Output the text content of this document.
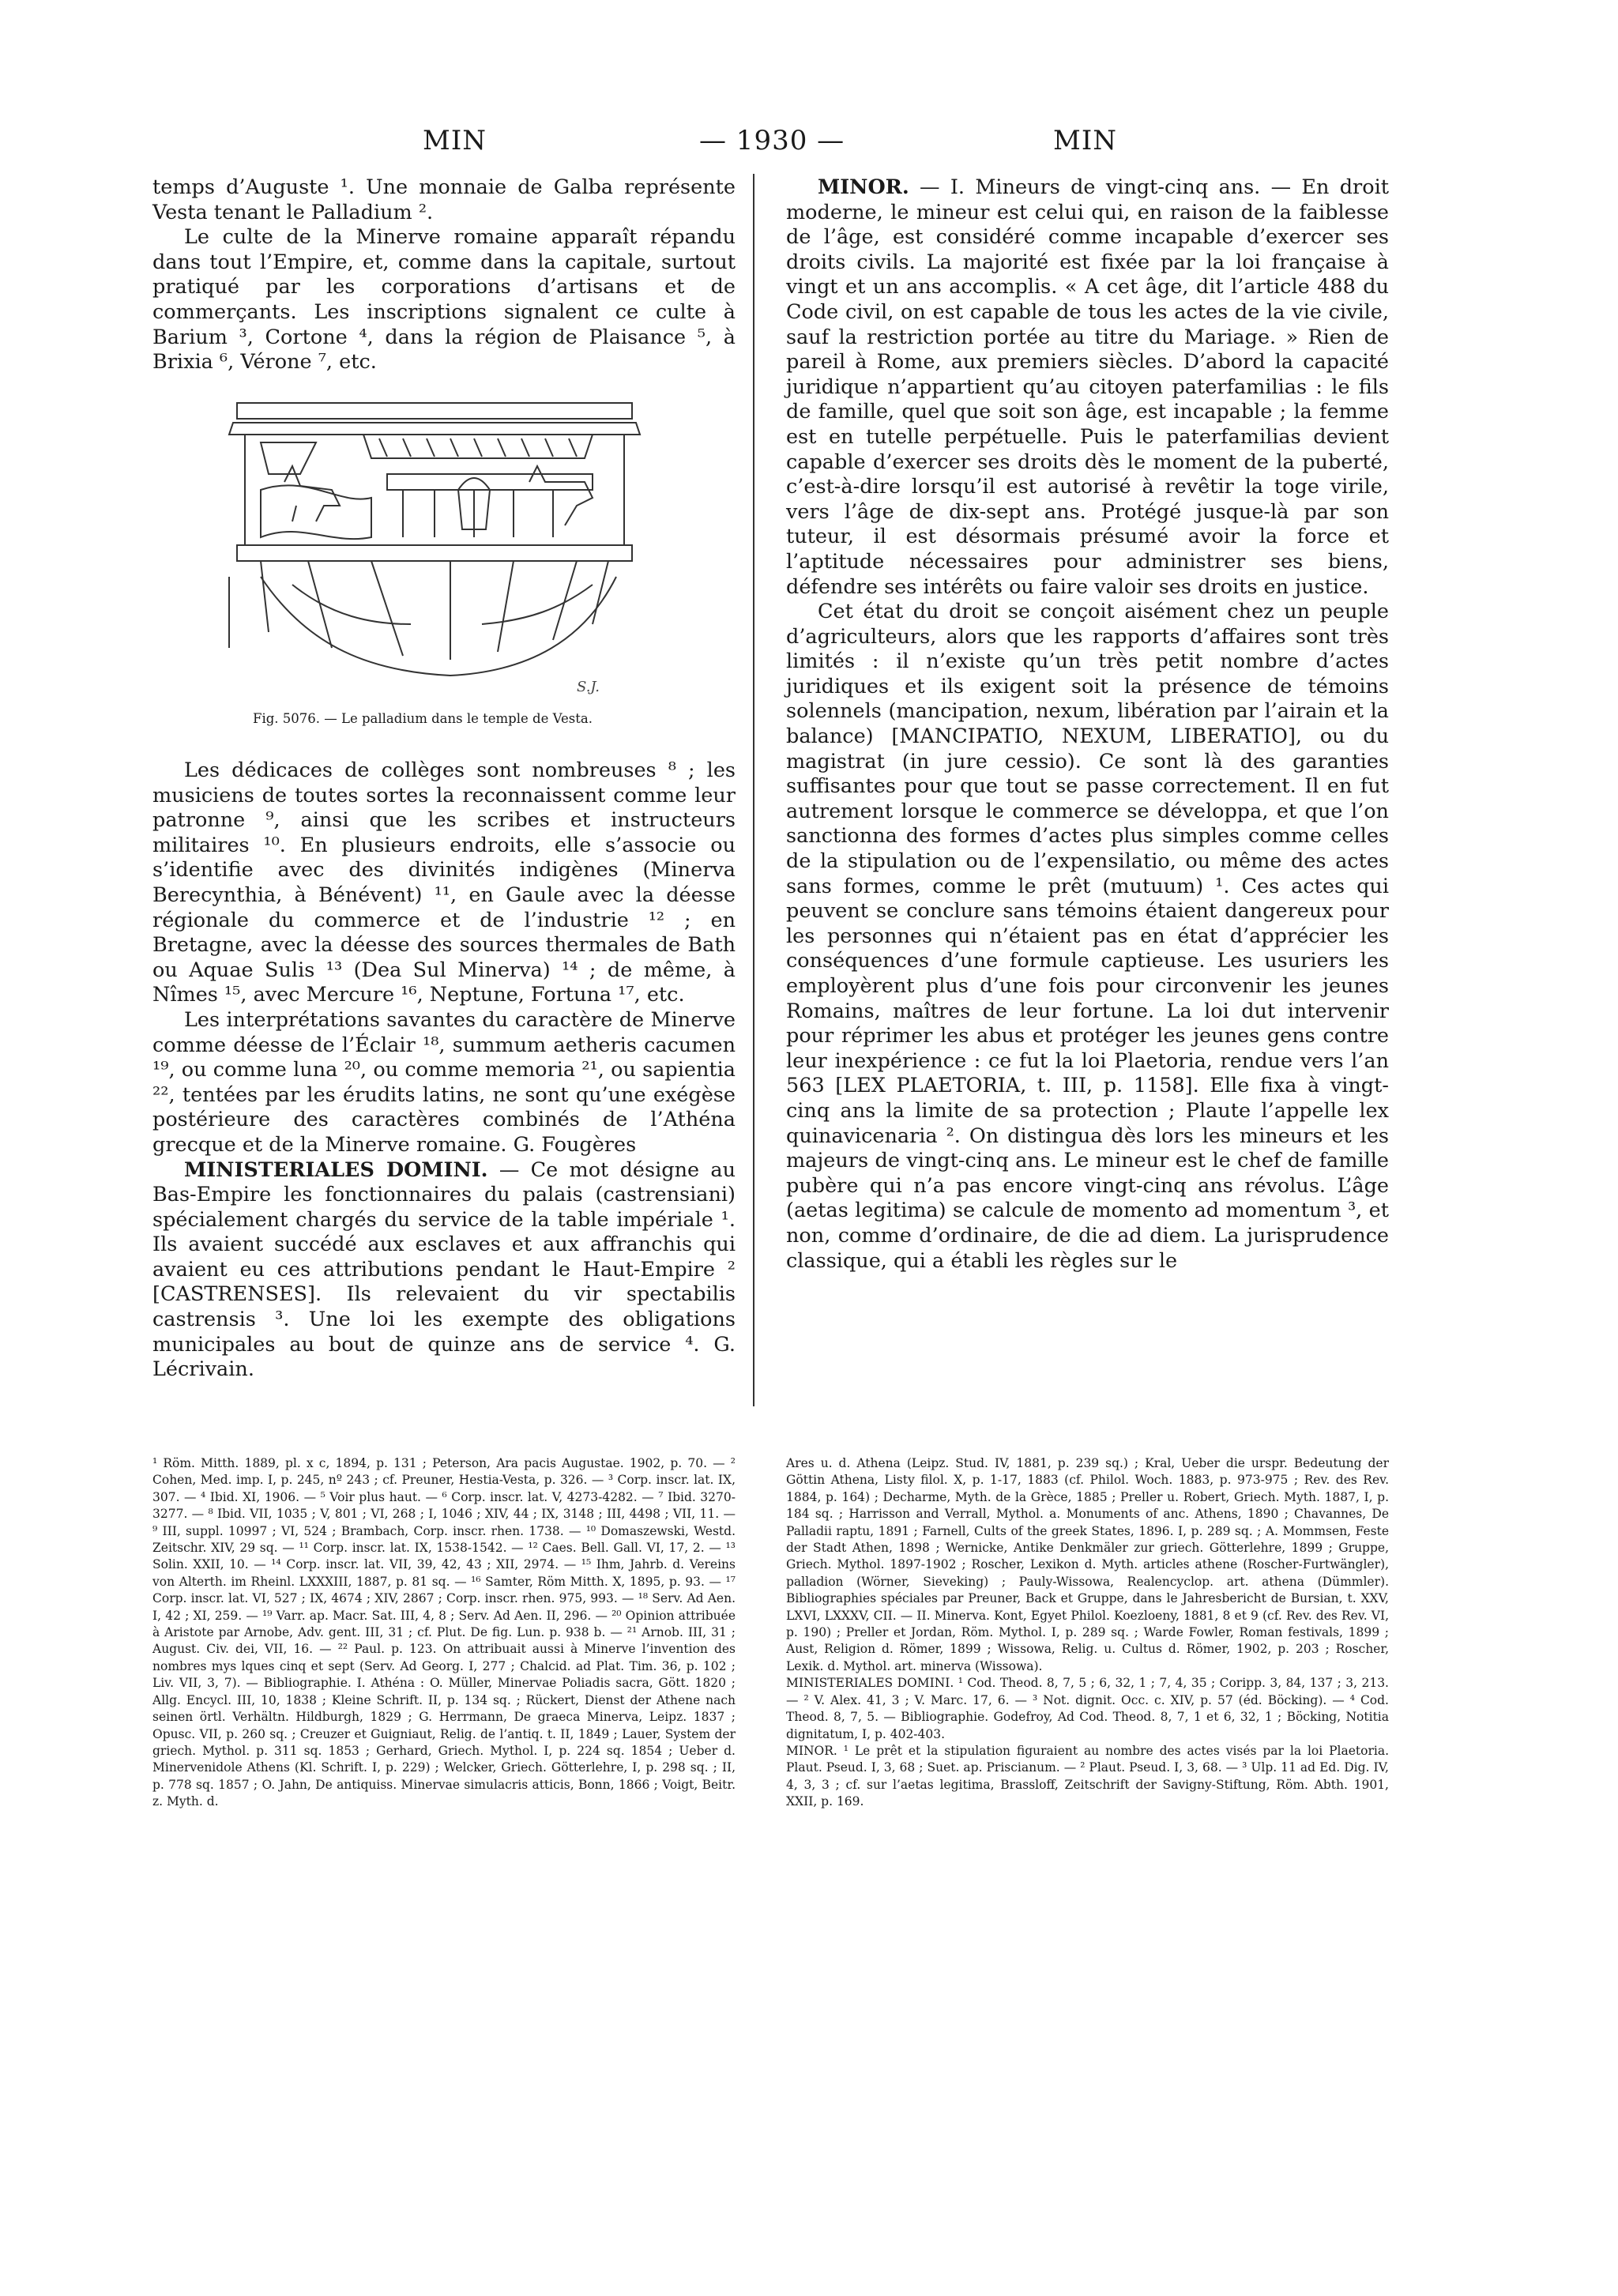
MIN	— 1930 —	MIN

temps d’Auguste ¹. Une monnaie de Galba représente Vesta tenant le Palladium ².

Le culte de la Minerve romaine apparaît répandu dans tout l’Empire, et, comme dans la capitale, surtout pratiqué par les corporations d’artisans et de commerçants. Les inscriptions signalent ce culte à Barium ³, Cortone ⁴, dans la région de Plaisance ⁵, à Brixia ⁶, Vérone ⁷, etc.

S.J.
Fig. 5076. — Le palladium dans le temple de Vesta.

Les dédicaces de collèges sont nombreuses ⁸ ; les musiciens de toutes sortes la reconnaissent comme leur patronne ⁹, ainsi que les scribes et instructeurs militaires ¹⁰. En plusieurs endroits, elle s’associe ou s’identifie avec des divinités indigènes (Minerva Berecynthia, à Bénévent) ¹¹, en Gaule avec la déesse régionale du commerce et de l’industrie ¹² ; en Bretagne, avec la déesse des sources thermales de Bath ou Aquae Sulis ¹³ (Dea Sul Minerva) ¹⁴ ; de même, à Nîmes ¹⁵, avec Mercure ¹⁶, Neptune, Fortuna ¹⁷, etc.

Les interprétations savantes du caractère de Minerve comme déesse de l’Éclair ¹⁸, summum aetheris cacumen ¹⁹, ou comme luna ²⁰, ou comme memoria ²¹, ou sapientia ²², tentées par les érudits latins, ne sont qu’une exégèse postérieure des caractères combinés de l’Athéna grecque et de la Minerve romaine. G. Fougères

MINISTERIALES DOMINI. — Ce mot désigne au Bas-Empire les fonctionnaires du palais (castrensiani) spécialement chargés du service de la table impériale ¹. Ils avaient succédé aux esclaves et aux affranchis qui avaient eu ces attributions pendant le Haut-Empire ² [CASTRENSES]. Ils relevaient du vir spectabilis castrensis ³. Une loi les exempte des obligations municipales au bout de quinze ans de service ⁴. G. Lécrivain.

MINOR. — I. Mineurs de vingt-cinq ans. — En droit moderne, le mineur est celui qui, en raison de la faiblesse de l’âge, est considéré comme incapable d’exercer ses droits civils. La majorité est fixée par la loi française à vingt et un ans accomplis. « A cet âge, dit l’article 488 du Code civil, on est capable de tous les actes de la vie civile, sauf la restriction portée au titre du Mariage. » Rien de pareil à Rome, aux premiers siècles. D’abord la capacité juridique n’appartient qu’au citoyen paterfamilias : le fils de famille, quel que soit son âge, est incapable ; la femme est en tutelle perpétuelle. Puis le paterfamilias devient capable d’exercer ses droits dès le moment de la puberté, c’est-à-dire lorsqu’il est autorisé à revêtir la toge virile, vers l’âge de dix-sept ans. Protégé jusque-là par son tuteur, il est désormais présumé avoir la force et l’aptitude nécessaires pour administrer ses biens, défendre ses intérêts ou faire valoir ses droits en justice.

Cet état du droit se conçoit aisément chez un peuple d’agriculteurs, alors que les rapports d’affaires sont très limités : il n’existe qu’un très petit nombre d’actes juridiques et ils exigent soit la présence de témoins solennels (mancipation, nexum, libération par l’airain et la balance) [MANCIPATIO, NEXUM, LIBERATIO], ou du magistrat (in jure cessio). Ce sont là des garanties suffisantes pour que tout se passe correctement. Il en fut autrement lorsque le commerce se développa, et que l’on sanctionna des formes d’actes plus simples comme celles de la stipulation ou de l’expensilatio, ou même des actes sans formes, comme le prêt (mutuum) ¹. Ces actes qui peuvent se conclure sans témoins étaient dangereux pour les personnes qui n’étaient pas en état d’apprécier les conséquences d’une formule captieuse. Les usuriers les employèrent plus d’une fois pour circonvenir les jeunes Romains, maîtres de leur fortune. La loi dut intervenir pour réprimer les abus et protéger les jeunes gens contre leur inexpérience : ce fut la loi Plaetoria, rendue vers l’an 563 [LEX PLAETORIA, t. III, p. 1158]. Elle fixa à vingt-cinq ans la limite de sa protection ; Plaute l’appelle lex quinavicenaria ². On distingua dès lors les mineurs et les majeurs de vingt-cinq ans. Le mineur est le chef de famille pubère qui n’a pas encore vingt-cinq ans révolus. L’âge (aetas legitima) se calcule de momento ad momentum ³, et non, comme d’ordinaire, de die ad diem. La jurisprudence classique, qui a établi les règles sur le

¹ Röm. Mitth. 1889, pl. x c, 1894, p. 131 ; Peterson, Ara pacis Augustae. 1902, p. 70. — ² Cohen, Med. imp. I, p. 245, nº 243 ; cf. Preuner, Hestia-Vesta, p. 326. — ³ Corp. inscr. lat. IX, 307. — ⁴ Ibid. XI, 1906. — ⁵ Voir plus haut. — ⁶ Corp. inscr. lat. V, 4273-4282. — ⁷ Ibid. 3270-3277. — ⁸ Ibid. VII, 1035 ; V, 801 ; VI, 268 ; I, 1046 ; XIV, 44 ; IX, 3148 ; III, 4498 ; VII, 11. — ⁹ III, suppl. 10997 ; VI, 524 ; Brambach, Corp. inscr. rhen. 1738. — ¹⁰ Domaszewski, Westd. Zeitschr. XIV, 29 sq. — ¹¹ Corp. inscr. lat. IX, 1538-1542. — ¹² Caes. Bell. Gall. VI, 17, 2. — ¹³ Solin. XXII, 10. — ¹⁴ Corp. inscr. lat. VII, 39, 42, 43 ; XII, 2974. — ¹⁵ Ihm, Jahrb. d. Vereins von Alterth. im Rheinl. LXXXIII, 1887, p. 81 sq. — ¹⁶ Samter, Röm Mitth. X, 1895, p. 93. — ¹⁷ Corp. inscr. lat. VI, 527 ; IX, 4674 ; XIV, 2867 ; Corp. inscr. rhen. 975, 993. — ¹⁸ Serv. Ad Aen. I, 42 ; XI, 259. — ¹⁹ Varr. ap. Macr. Sat. III, 4, 8 ; Serv. Ad Aen. II, 296. — ²⁰ Opinion attribuée à Aristote par Arnobe, Adv. gent. III, 31 ; cf. Plut. De fig. Lun. p. 938 b. — ²¹ Arnob. III, 31 ; August. Civ. dei, VII, 16. — ²² Paul. p. 123. On attribuait aussi à Minerve l’invention des nombres mys lques cinq et sept (Serv. Ad Georg. I, 277 ; Chalcid. ad Plat. Tim. 36, p. 102 ; Liv. VII, 3, 7). — Bibliographie. I. Athéna : O. Müller, Minervae Poliadis sacra, Gött. 1820 ; Allg. Encycl. III, 10, 1838 ; Kleine Schrift. II, p. 134 sq. ; Rückert, Dienst der Athene nach seinen örtl. Verhältn. Hildburgh, 1829 ; G. Herrmann, De graeca Minerva, Leipz. 1837 ; Opusc. VII, p. 260 sq. ; Creuzer et Guigniaut, Relig. de l’antiq. t. II, 1849 ; Lauer, System der griech. Mythol. p. 311 sq. 1853 ; Gerhard, Griech. Mythol. I, p. 224 sq. 1854 ; Ueber d. Minervenidole Athens (Kl. Schrift. I, p. 229) ; Welcker, Griech. Götterlehre, I, p. 298 sq. ; II, p. 778 sq. 1857 ; O. Jahn, De antiquiss. Minervae simulacris atticis, Bonn, 1866 ; Voigt, Beitr. z. Myth. d.

Ares u. d. Athena (Leipz. Stud. IV, 1881, p. 239 sq.) ; Kral, Ueber die urspr. Bedeutung der Göttin Athena, Listy filol. X, p. 1-17, 1883 (cf. Philol. Woch. 1883, p. 973-975 ; Rev. des Rev. 1884, p. 164) ; Decharme, Myth. de la Grèce, 1885 ; Preller u. Robert, Griech. Myth. 1887, I, p. 184 sq. ; Harrisson and Verrall, Mythol. a. Monuments of anc. Athens, 1890 ; Chavannes, De Palladii raptu, 1891 ; Farnell, Cults of the greek States, 1896. I, p. 289 sq. ; A. Mommsen, Feste der Stadt Athen, 1898 ; Wernicke, Antike Denkmäler zur griech. Götterlehre, 1899 ; Gruppe, Griech. Mythol. 1897-1902 ; Roscher, Lexikon d. Myth. articles athene (Roscher-Furtwängler), palladion (Wörner, Sieveking) ; Pauly-Wissowa, Realencyclop. art. athena (Dümmler). Bibliographies spéciales par Preuner, Back et Gruppe, dans le Jahresbericht de Bursian, t. XXV, LXVI, LXXXV, CII. — II. Minerva. Kont, Egyet Philol. Koezloeny, 1881, 8 et 9 (cf. Rev. des Rev. VI, p. 190) ; Preller et Jordan, Röm. Mythol. I, p. 289 sq. ; Warde Fowler, Roman festivals, 1899 ; Aust, Religion d. Römer, 1899 ; Wissowa, Relig. u. Cultus d. Römer, 1902, p. 203 ; Roscher, Lexik. d. Mythol. art. minerva (Wissowa).

MINISTERIALES DOMINI. ¹ Cod. Theod. 8, 7, 5 ; 6, 32, 1 ; 7, 4, 35 ; Coripp. 3, 84, 137 ; 3, 213. — ² V. Alex. 41, 3 ; V. Marc. 17, 6. — ³ Not. dignit. Occ. c. XIV, p. 57 (éd. Böcking). — ⁴ Cod. Theod. 8, 7, 5. — Bibliographie. Godefroy, Ad Cod. Theod. 8, 7, 1 et 6, 32, 1 ; Böcking, Notitia dignitatum, I, p. 402-403.

MINOR. ¹ Le prêt et la stipulation figuraient au nombre des actes visés par la loi Plaetoria. Plaut. Pseud. I, 3, 68 ; Suet. ap. Priscianum. — ² Plaut. Pseud. I, 3, 68. — ³ Ulp. 11 ad Ed. Dig. IV, 4, 3, 3 ; cf. sur l’aetas legitima, Brassloff, Zeitschrift der Savigny-Stiftung, Röm. Abth. 1901, XXII, p. 169.
